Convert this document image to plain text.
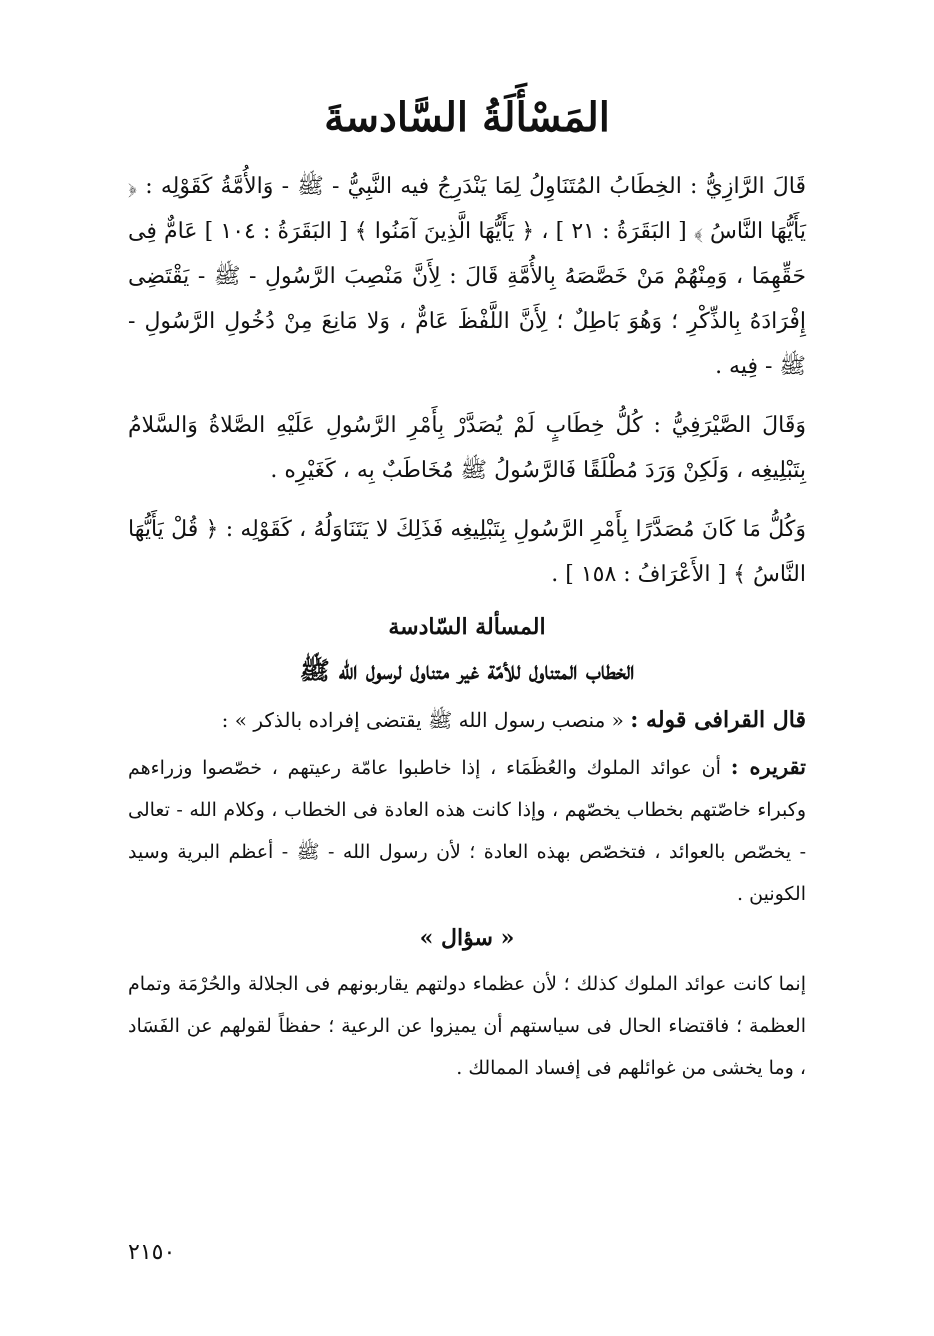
المَسْأَلَةُ السَّادسةَ

قَالَ الرَّازِيُّ : الخِطَابُ المُتَنَاوِلُ لِمَا يَنْدَرِجُ فيه النَّبِيُّ - ﷺ - وَالأُمَّةُ كَقَوْلِه : ﴿ يَأَيُّهَا النَّاسُ ﴾ [ البَقَرَةُ : ٢١ ] ، ﴿ يَأَيُّهَا الَّذِينَ آمَنُوا ﴾ [ البَقَرَةُ : ١٠٤ ] عَامٌّ فِى حَقِّهِمَا ، وَمِنْهُمْ مَنْ خَصَّصَهُ بِالأُمَّةِ قَالَ : لِأَنَّ مَنْصِبَ الرَّسُولِ - ﷺ - يَقْتَضِى إِفْرَادَهُ بِالذِّكْرِ ؛ وَهُوَ بَاطِلٌ ؛ لِأَنَّ اللَّفْظَ عَامٌّ ، وَلا مَانِعَ مِنْ دُخُولِ الرَّسُولِ - ﷺ - فِيه .

وَقَالَ الصَّيْرَفِيُّ : كُلُّ خِطَابٍ لَمْ يُصَدَّرْ بِأَمْرِ الرَّسُولِ عَلَيْهِ الصَّلاةُ وَالسَّلامُ بِتَبْلِيغِه ، وَلَكِنْ وَرَدَ مُطْلَقًا فَالرَّسُولُ ﷺ مُخَاطَبٌ بِه ، كَغَيْرِه .

وَكُلُّ مَا كَانَ مُصَدَّرًا بِأَمْرِ الرَّسُولِ بِتَبْلِيغِه فَذَلِكَ لا يَتَنَاوَلُهُ ، كَقَوْلِه : ﴿ قُلْ يَأَيُّهَا النَّاسُ ﴾ [ الأَعْرَافُ : ١٥٨ ] .

المسألة السّادسة
الخطاب المتناول للأمّة غير متناول لرسول الله ﷺ

قال القرافى قوله : « منصب رسول الله ﷺ يقتضى إفراده بالذكر » :

تقريره : أن عوائد الملوك والعُظَمَاء ، إذا خاطبوا عامّة رعيتهم ، خصّصوا وزراءهم وكبراء خاصّتهم بخطاب يخصّهم ، وإذا كانت هذه العادة فى الخطاب ، وكلام الله - تعالى - يخصّص بالعوائد ، فتخصّص بهذه العادة ؛ لأن رسول الله - ﷺ - أعظم البرية وسيد الكونين .

« سؤال »

إنما كانت عوائد الملوك كذلك ؛ لأن عظماء دولتهم يقاربونهم فى الجلالة والحُرْمَة وتمام العظمة ؛ فاقتضاء الحال فى سياستهم أن يميزوا عن الرعية ؛ حفظاً لقولهم عن الفَسَاد ، وما يخشى من غوائلهم فى إفساد الممالك .

٢١٥٠
